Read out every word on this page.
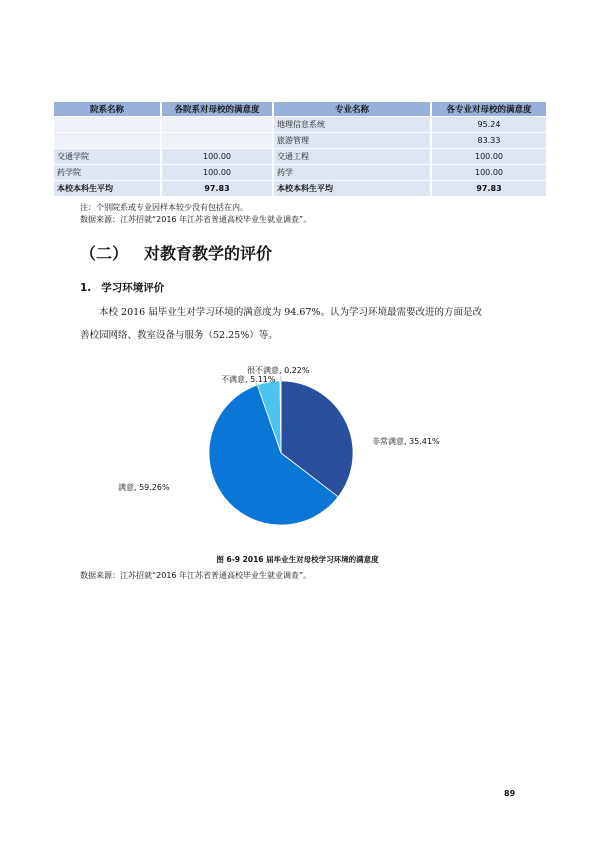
院系名称	各院系对母校的满意度	专业名称	各专业对母校的满意度
		地理信息系统	95.24
		旅游管理	83.33
交通学院	100.00	交通工程	100.00
药学院	100.00	药学	100.00
本校本科生平均	97.83	本校本科生平均	97.83
注：个别院系或专业因样本较少没有包括在内。
数据来源：江苏招就“2016 年江苏省普通高校毕业生就业调查”。
（二） 对教育教学的评价
1. 学习环境评价
本校 2016 届毕业生对学习环境的满意度为 94.67%。认为学习环境最需要改进的方面是改
善校园网络、教室设备与服务（52.25%）等。
非常满意, 35.41%
满意, 59.26%
不满意, 5.11%
很不满意, 0.22%
图 6-9 2016 届毕业生对母校学习环境的满意度
数据来源：江苏招就“2016 年江苏省普通高校毕业生就业调查”。
89
